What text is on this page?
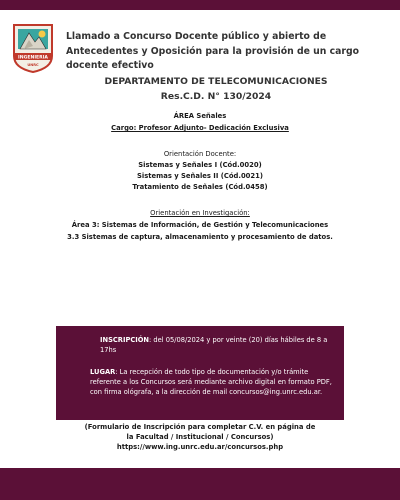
INGENIERIA
UNRC
Llamado a Concurso Docente público y abierto de Antecedentes y Oposición para la provisión de un cargo docente efectivo
DEPARTAMENTO DE TELECOMUNICACIONES
Res.C.D. N° 130/2024
ÁREA Señales
Cargo: Profesor Adjunto- Dedicación Exclusiva
Orientación Docente:
Sistemas y Señales I (Cód.0020)
Sistemas y Señales II (Cód.0021)
Tratamiento de Señales (Cód.0458)
Orientación en Investigación:
Área 3: Sistemas de Información, de Gestión y Telecomunicaciones
3.3 Sistemas de captura, almacenamiento y procesamiento de datos.
INSCRIPCIÓN: del 05/08/2024 y por veinte (20) días hábiles de 8 a 17hs
LUGAR: La recepción de todo tipo de documentación y/o trámite referente a los Concursos será mediante archivo digital en formato PDF, con firma ológrafa, a la dirección de mail concursos@ing.unrc.edu.ar.
(Formulario de Inscripción para completar C.V. en página de
la Facultad / Institucional / Concursos)
https://www.ing.unrc.edu.ar/concursos.php
